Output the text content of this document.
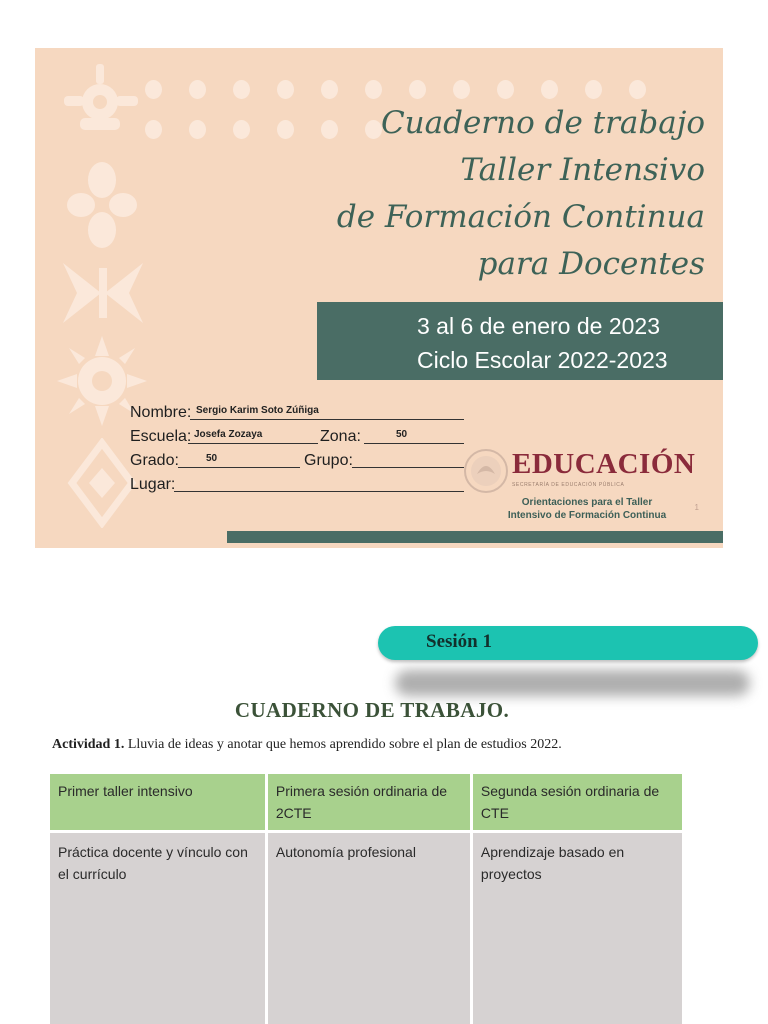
Cuaderno de trabajo
Taller Intensivo
de Formación Continua
para Docentes
3 al 6 de enero de 2023
Ciclo Escolar 2022-2023
Nombre: Sergio Karim Soto Zúñiga
Escuela: Josefa Zozaya	Zona:	50
Grado:	50	Grupo:
Lugar:
EDUCACIÓN
SECRETARÍA DE EDUCACIÓN PÚBLICA
Orientaciones para el Taller
Intensivo de Formación Continua
1
Sesión 1
CUADERNO DE TRABAJO.
Actividad 1. Lluvia de ideas y anotar que hemos aprendido sobre el plan de estudios 2022.
Primer taller intensivo	Primera sesión ordinaria de 2CTE	Segunda sesión ordinaria de CTE
Práctica docente y vínculo con el currículo	Autonomía profesional	Aprendizaje basado en proyectos
